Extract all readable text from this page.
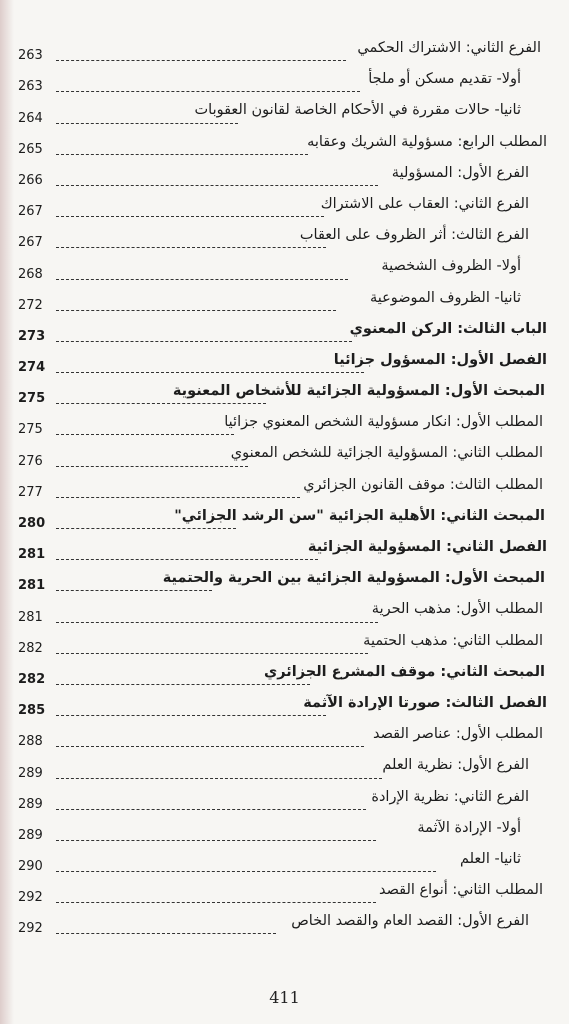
263	الفرع الثاني: الاشتراك الحكمي
263	أولا- تقديم مسكن أو ملجأ
264	ثانيا- حالات مقررة في الأحكام الخاصة لقانون العقوبات
265	المطلب الرابع: مسؤولية الشريك وعقابه
266	الفرع الأول: المسؤولية
267	الفرع الثاني: العقاب على الاشتراك
267	الفرع الثالث: أثر الظروف على العقاب
268	أولا- الظروف الشخصية
272	ثانيا- الظروف الموضوعية
273	الباب الثالث: الركن المعنوي
274	الفصل الأول: المسؤول جزائيا
275	المبحث الأول: المسؤولية الجزائية للأشخاص المعنوية
275	المطلب الأول: انكار مسؤولية الشخص المعنوي جزائيا
276	المطلب الثاني: المسؤولية الجزائية للشخص المعنوي
277	المطلب الثالث: موقف القانون الجزائري
280	المبحث الثاني: الأهلية الجزائية "سن الرشد الجزائي"
281	الفصل الثاني: المسؤولية الجزائية
281	المبحث الأول: المسؤولية الجزائية بين الحرية والحتمية
281	المطلب الأول: مذهب الحرية
282	المطلب الثاني: مذهب الحتمية
282	المبحث الثاني: موقف المشرع الجزائري
285	الفصل الثالث: صورتا الإرادة الآثمة
288	المطلب الأول: عناصر القصد
289	الفرع الأول: نظرية العلم
289	الفرع الثاني: نظرية الإرادة
289	أولا- الإرادة الآثمة
290	ثانيا- العلم
292	المطلب الثاني: أنواع القصد
292	الفرع الأول: القصد العام والقصد الخاص
411
